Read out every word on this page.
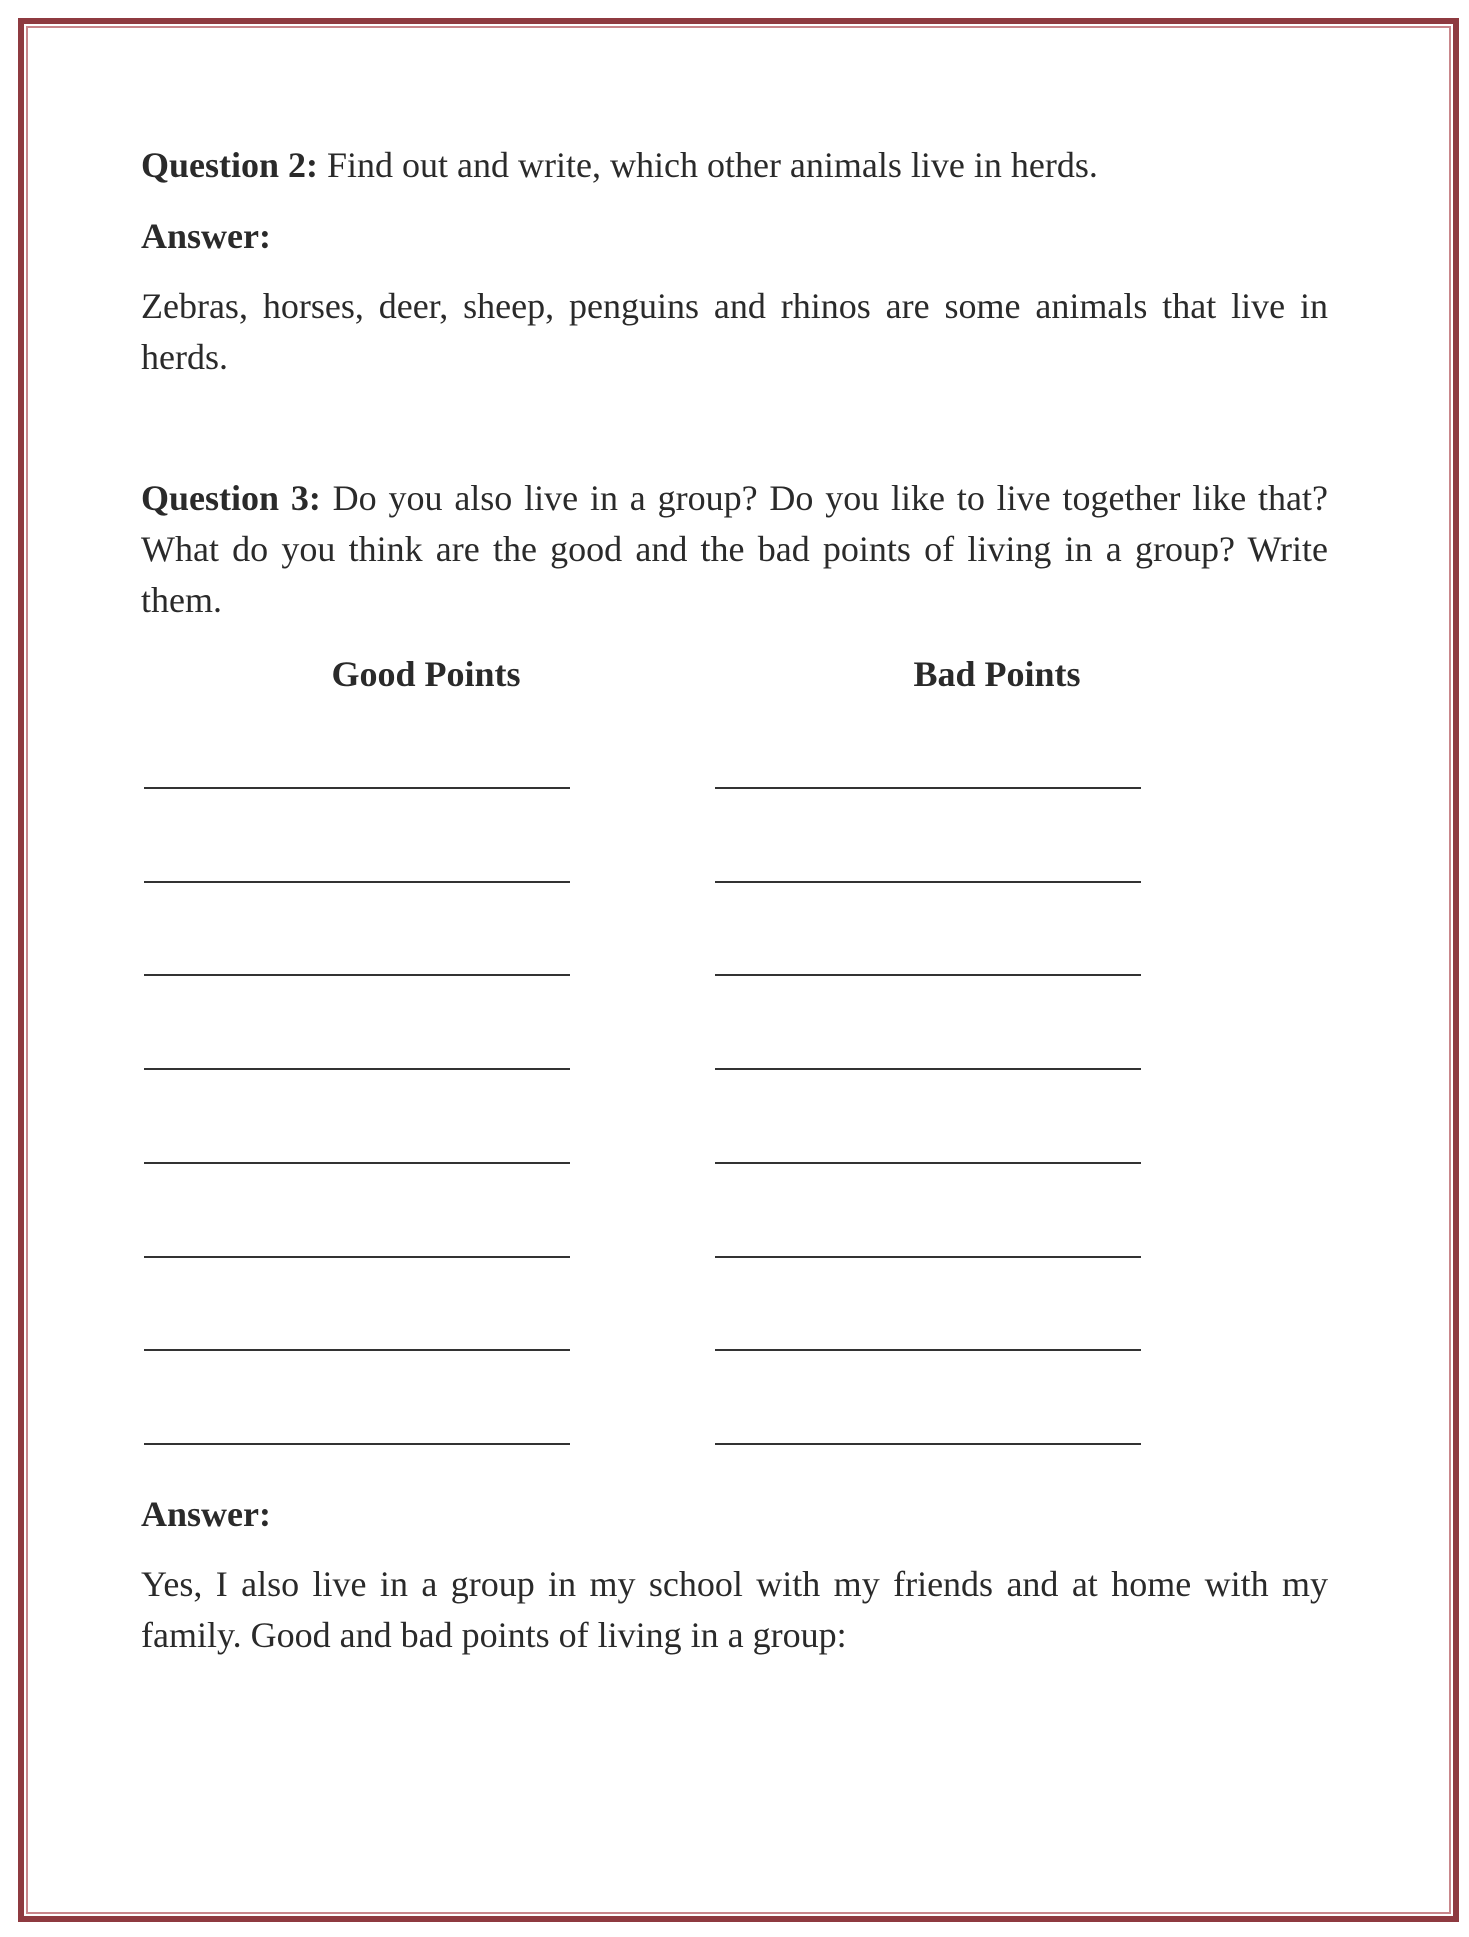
Question 2: Find out and write, which other animals live in herds.
Answer:
Zebras, horses, deer, sheep, penguins and rhinos are some animals that live in herds.
Question 3: Do you also live in a group? Do you like to live together like that? What do you think are the good and the bad points of living in a group? Write them.
Good Points	Bad Points
Answer:
Yes, I also live in a group in my school with my friends and at home with my family. Good and bad points of living in a group:
